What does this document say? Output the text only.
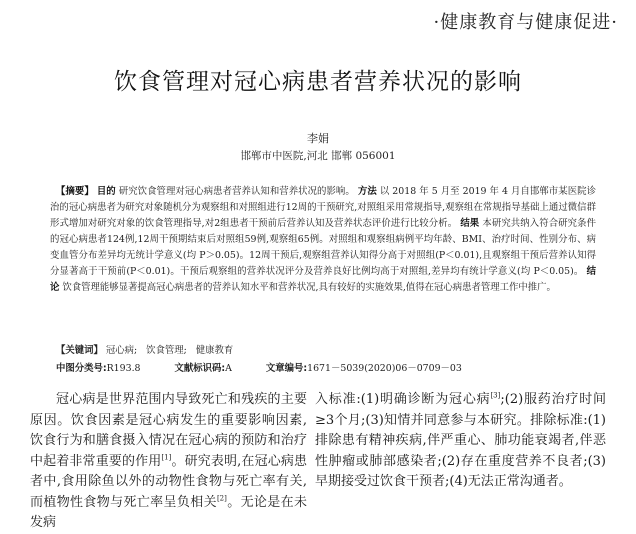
·健康教育与健康促进·
饮食管理对冠心病患者营养状况的影响
李娟
邯郸市中医院,河北 邯郸 056001
【摘要】 目的 研究饮食管理对冠心病患者营养认知和营养状况的影响。 方法 以 2018 年 5 月至 2019 年 4 月自邯郸市某医院诊治的冠心病患者为研究对象随机分为观察组和对照组进行12周的干预研究,对照组采用常规指导,观察组在常规指导基础上通过微信群形式增加对研究对象的饮食管理指导,对2组患者干预前后营养认知及营养状态评价进行比较分析。 结果 本研究共纳入符合研究条件的冠心病患者124例,12周干预期结束后对照组59例,观察组65例。对照组和观察组病例平均年龄、BMI、治疗时间、性别分布、病变血管分布差异均无统计学意义(均 P＞0.05)。12周干预后,观察组营养认知得分高于对照组(P＜0.01),且观察组干预后营养认知得分显著高于干预前(P＜0.01)。干预后观察组的营养状况评分及营养良好比例均高于对照组,差异均有统计学意义(均 P＜0.05)。 结论 饮食管理能够显著提高冠心病患者的营养认知水平和营养状况,具有较好的实施效果,值得在冠心病患者管理工作中推广。
【关键词】 冠心病;   饮食管理;   健康教育
中图分类号:R193.8	文献标识码:A	文章编号:1671－5039(2020)06－0709－03
冠心病是世界范围内导致死亡和残疾的主要原因。饮食因素是冠心病发生的重要影响因素,饮食行为和膳食摄入情况在冠心病的预防和治疗中起着非常重要的作用[1]。研究表明,在冠心病患者中,食用除鱼以外的动物性食物与死亡率有关,而植物性食物与死亡率呈负相关[2]。无论是在未发病
入标准:(1)明确诊断为冠心病[3];(2)服药治疗时间≥3个月;(3)知情并同意参与本研究。排除标准:(1)排除患有精神疾病,伴严重心、肺功能衰竭者,伴恶性肿瘤或肺部感染者;(2)存在重度营养不良者;(3)早期接受过饮食干预者;(4)无法正常沟通者。
